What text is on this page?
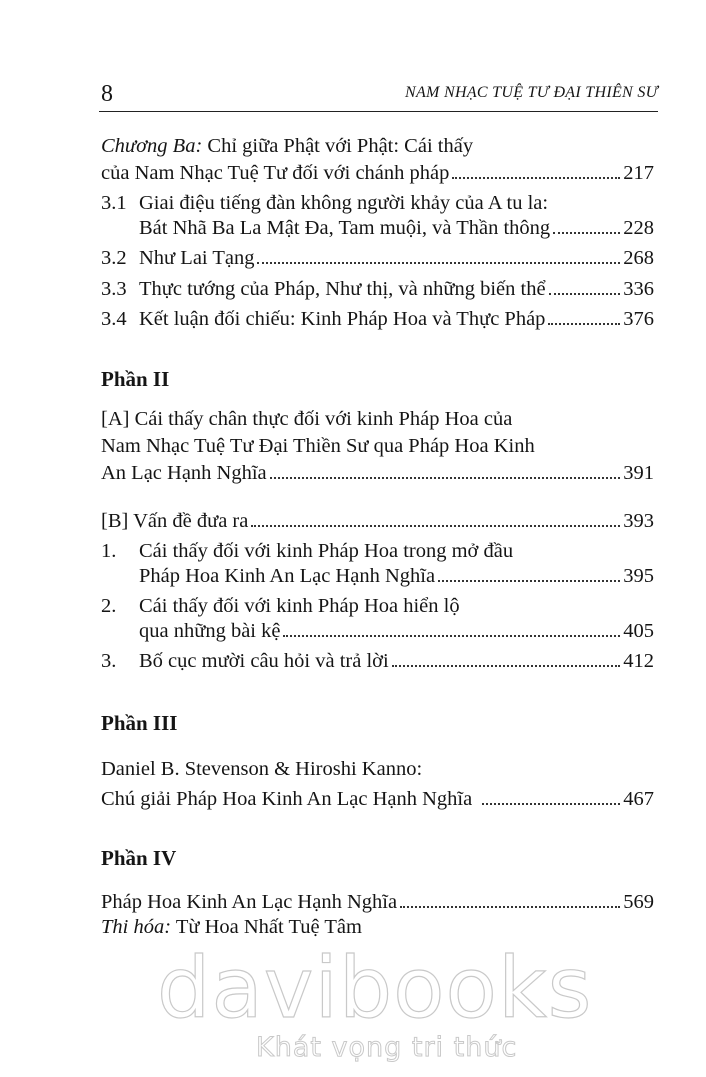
8	NAM NHẠC TUỆ TƯ ĐẠI THIÊN SƯ
Chương Ba: Chỉ giữa Phật với Phật: Cái thấy
của Nam Nhạc Tuệ Tư đối với chánh pháp	217
3.1 Giai điệu tiếng đàn không người khảy của A tu la:
Bát Nhã Ba La Mật Đa, Tam muội, và Thần thông	228
3.2 Như Lai Tạng	268
3.3 Thực tướng của Pháp, Như thị, và những biến thể	336
3.4 Kết luận đối chiếu: Kinh Pháp Hoa và Thực Pháp	376
Phần II
[A] Cái thấy chân thực đối với kinh Pháp Hoa của
Nam Nhạc Tuệ Tư Đại Thiền Sư qua Pháp Hoa Kinh
An Lạc Hạnh Nghĩa	391
[B] Vấn đề đưa ra	393
1. Cái thấy đối với kinh Pháp Hoa trong mở đầu
Pháp Hoa Kinh An Lạc Hạnh Nghĩa	395
2. Cái thấy đối với kinh Pháp Hoa hiển lộ
qua những bài kệ	405
3.	Bố cục mười câu hỏi và trả lời	412
Phần III
Daniel B. Stevenson & Hiroshi Kanno:
Chú giải Pháp Hoa Kinh An Lạc Hạnh Nghĩa	467
Phần IV
Pháp Hoa Kinh An Lạc Hạnh Nghĩa	569
Thi hóa: Từ Hoa Nhất Tuệ Tâm
davibooks
Khát vọng tri thức
